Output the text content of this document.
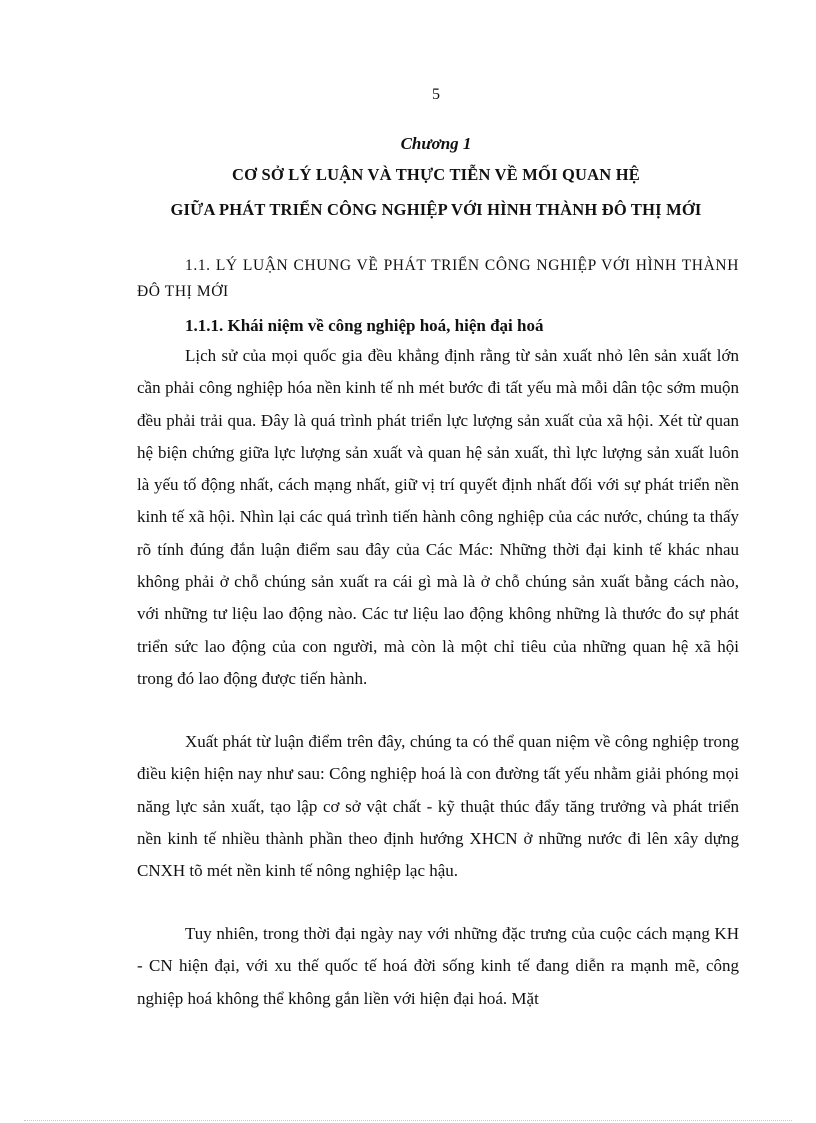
5
Chương 1
CƠ SỞ LÝ LUẬN VÀ THỰC TIỄN VỀ MỐI QUAN HỆ
GIỮA PHÁT TRIỂN CÔNG NGHIỆP VỚI HÌNH THÀNH ĐÔ THỊ MỚI
1.1. LÝ LUẬN CHUNG VỀ PHÁT TRIỂN CÔNG NGHIỆP VỚI HÌNH THÀNH ĐÔ THỊ MỚI
1.1.1. Khái niệm về công nghiệp hoá, hiện đại hoá
Lịch sử của mọi quốc gia đều khẳng định rằng từ sản xuất nhỏ lên sản xuất lớn cần phải công nghiệp hóa nền kinh tế nh mét bước đi tất yếu mà mỗi dân tộc sớm muộn đều phải trải qua. Đây là quá trình phát triển lực lượng sản xuất của xã hội. Xét từ quan hệ biện chứng giữa lực lượng sản xuất và quan hệ sản xuất, thì lực lượng sản xuất luôn là yếu tố động nhất, cách mạng nhất, giữ vị trí quyết định nhất đối với sự phát triển nền kinh tế xã hội. Nhìn lại các quá trình tiến hành công nghiệp của các nước, chúng ta thấy rõ tính đúng đắn luận điểm sau đây của Các Mác: Những thời đại kinh tế khác nhau không phải ở chỗ chúng sản xuất ra cái gì mà là ở chỗ chúng sản xuất bằng cách nào, với những tư liệu lao động nào. Các tư liệu lao động không những là thước đo sự phát triển sức lao động của con người, mà còn là một chỉ tiêu của những quan hệ xã hội trong đó lao động được tiến hành.
Xuất phát từ luận điểm trên đây, chúng ta có thể quan niệm về công nghiệp trong điều kiện hiện nay như sau: Công nghiệp hoá là con đường tất yếu nhằm giải phóng mọi năng lực sản xuất, tạo lập cơ sở vật chất - kỹ thuật thúc đẩy tăng trưởng và phát triển nền kinh tế nhiều thành phần theo định hướng XHCN ở những nước đi lên xây dựng CNXH tõ mét nền kinh tế nông nghiệp lạc hậu.
Tuy nhiên, trong thời đại ngày nay với những đặc trưng của cuộc cách mạng KH - CN hiện đại, với xu thế quốc tế hoá đời sống kinh tế đang diễn ra mạnh mẽ, công nghiệp hoá không thể không gắn liền với hiện đại hoá. Mặt
